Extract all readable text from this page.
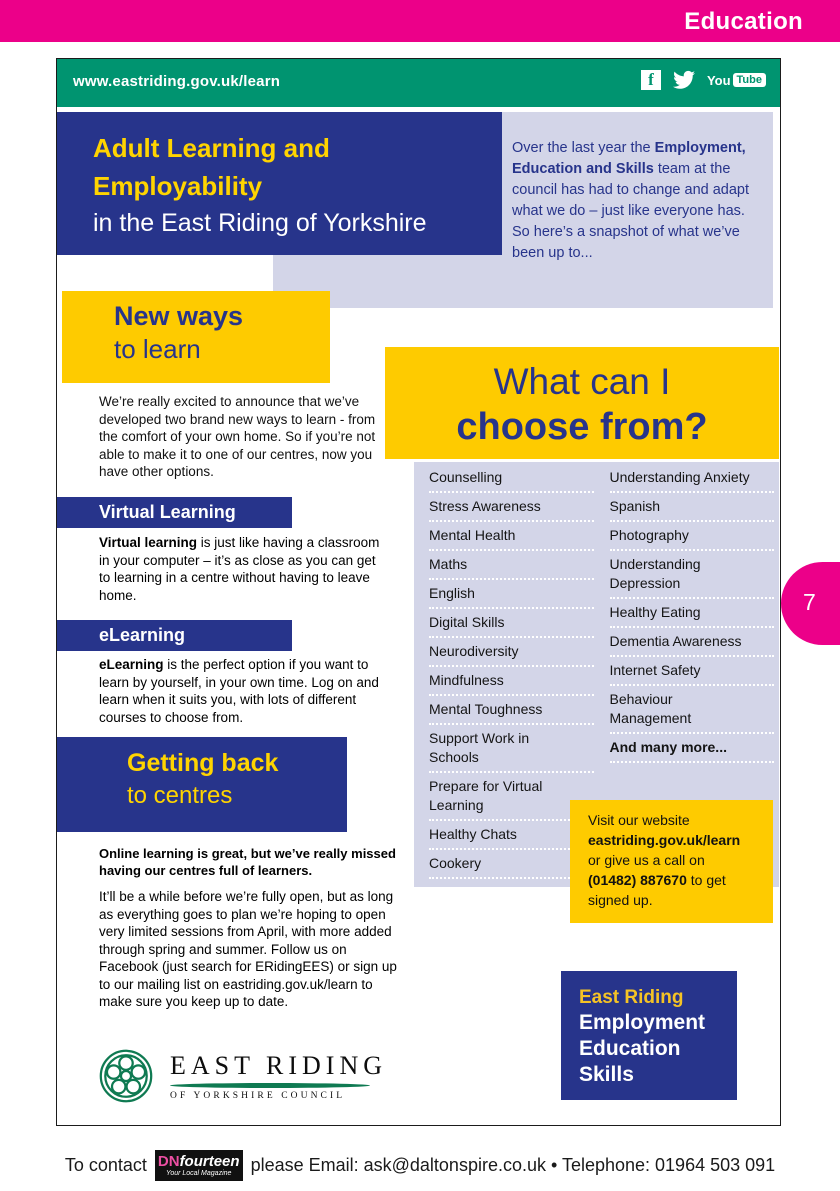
Education
www.eastriding.gov.uk/learn	f	You Tube
Adult Learning and
Employability
in the East Riding of Yorkshire
Over the last year the Employment, Education and Skills team at the council has had to change and adapt what we do – just like everyone has. So here’s a snapshot of what we’ve been up to...
New ways
to learn
We’re really excited to announce that we’ve developed two brand new ways to learn - from the comfort of your own home. So if you’re not able to make it to one of our centres, now you have other options.
Virtual Learning
Virtual learning is just like having a classroom in your computer – it’s as close as you can get to learning in a centre without having to leave home.
eLearning
eLearning is the perfect option if you want to learn by yourself, in your own time. Log on and learn when it suits you, with lots of different courses to choose from.
Getting back
to centres
Online learning is great, but we’ve really missed having our centres full of learners.
It’ll be a while before we’re fully open, but as long as everything goes to plan we’re hoping to open very limited sessions from April, with more added through spring and summer. Follow us on Facebook (just search for ERidingEES) or sign up to our mailing list on eastriding.gov.uk/learn to make sure you keep up to date.
What can I
choose from?
Counselling
Stress Awareness
Mental Health
Maths
English
Digital Skills
Neurodiversity
Mindfulness
Mental Toughness
Support Work in
Schools
Prepare for Virtual
Learning
Healthy Chats
Cookery
Understanding Anxiety
Spanish
Photography
Understanding
Depression
Healthy Eating
Dementia Awareness
Internet Safety
Behaviour
Management
And many more...
Visit our website
eastriding.gov.uk/learn
or give us a call on
(01482) 887670 to get
signed up.
East Riding
Employment
Education
Skills
EAST RIDING
OF YORKSHIRE COUNCIL
7
To contact DNfourteen
Your Local Magazine	please Email: ask@daltonspire.co.uk • Telephone: 01964 503 091
